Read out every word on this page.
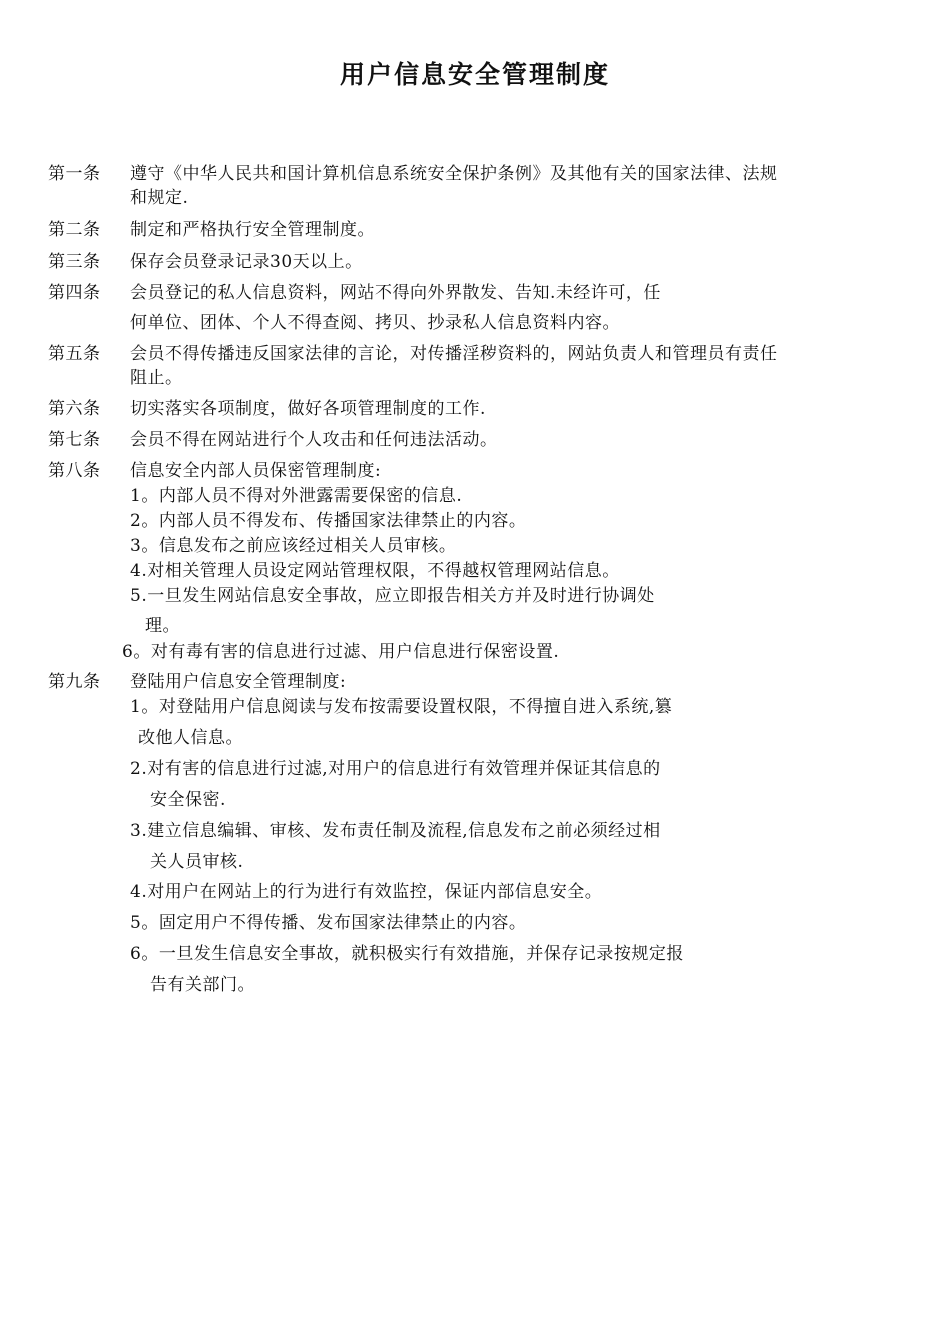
用户信息安全管理制度
第一条 遵守《中华人民共和国计算机信息系统安全保护条例》及其他有关的国家法律、法规
和规定.
第二条 制定和严格执行安全管理制度。
第三条 保存会员登录记录30天以上。
第四条 会员登记的私人信息资料，网站不得向外界散发、告知.未经许可，任
何单位、团体、个人不得查阅、拷贝、抄录私人信息资料内容。
第五条 会员不得传播违反国家法律的言论，对传播淫秽资料的，网站负责人和管理员有责任
阻止。
第六条 切实落实各项制度，做好各项管理制度的工作.
第七条 会员不得在网站进行个人攻击和任何违法活动。
第八条 信息安全内部人员保密管理制度:
1。内部人员不得对外泄露需要保密的信息.
2。内部人员不得发布、传播国家法律禁止的内容。
3。信息发布之前应该经过相关人员审核。
4.对相关管理人员设定网站管理权限，不得越权管理网站信息。
5.一旦发生网站信息安全事故，应立即报告相关方并及时进行协调处
理。
6。对有毒有害的信息进行过滤、用户信息进行保密设置.
第九条 登陆用户信息安全管理制度:
1。对登陆用户信息阅读与发布按需要设置权限，不得擅自进入系统,篡
改他人信息。
2.对有害的信息进行过滤,对用户的信息进行有效管理并保证其信息的
安全保密.
3.建立信息编辑、审核、发布责任制及流程,信息发布之前必须经过相
关人员审核.
4.对用户在网站上的行为进行有效监控，保证内部信息安全。
5。固定用户不得传播、发布国家法律禁止的内容。
6。一旦发生信息安全事故，就积极实行有效措施，并保存记录按规定报
告有关部门。
